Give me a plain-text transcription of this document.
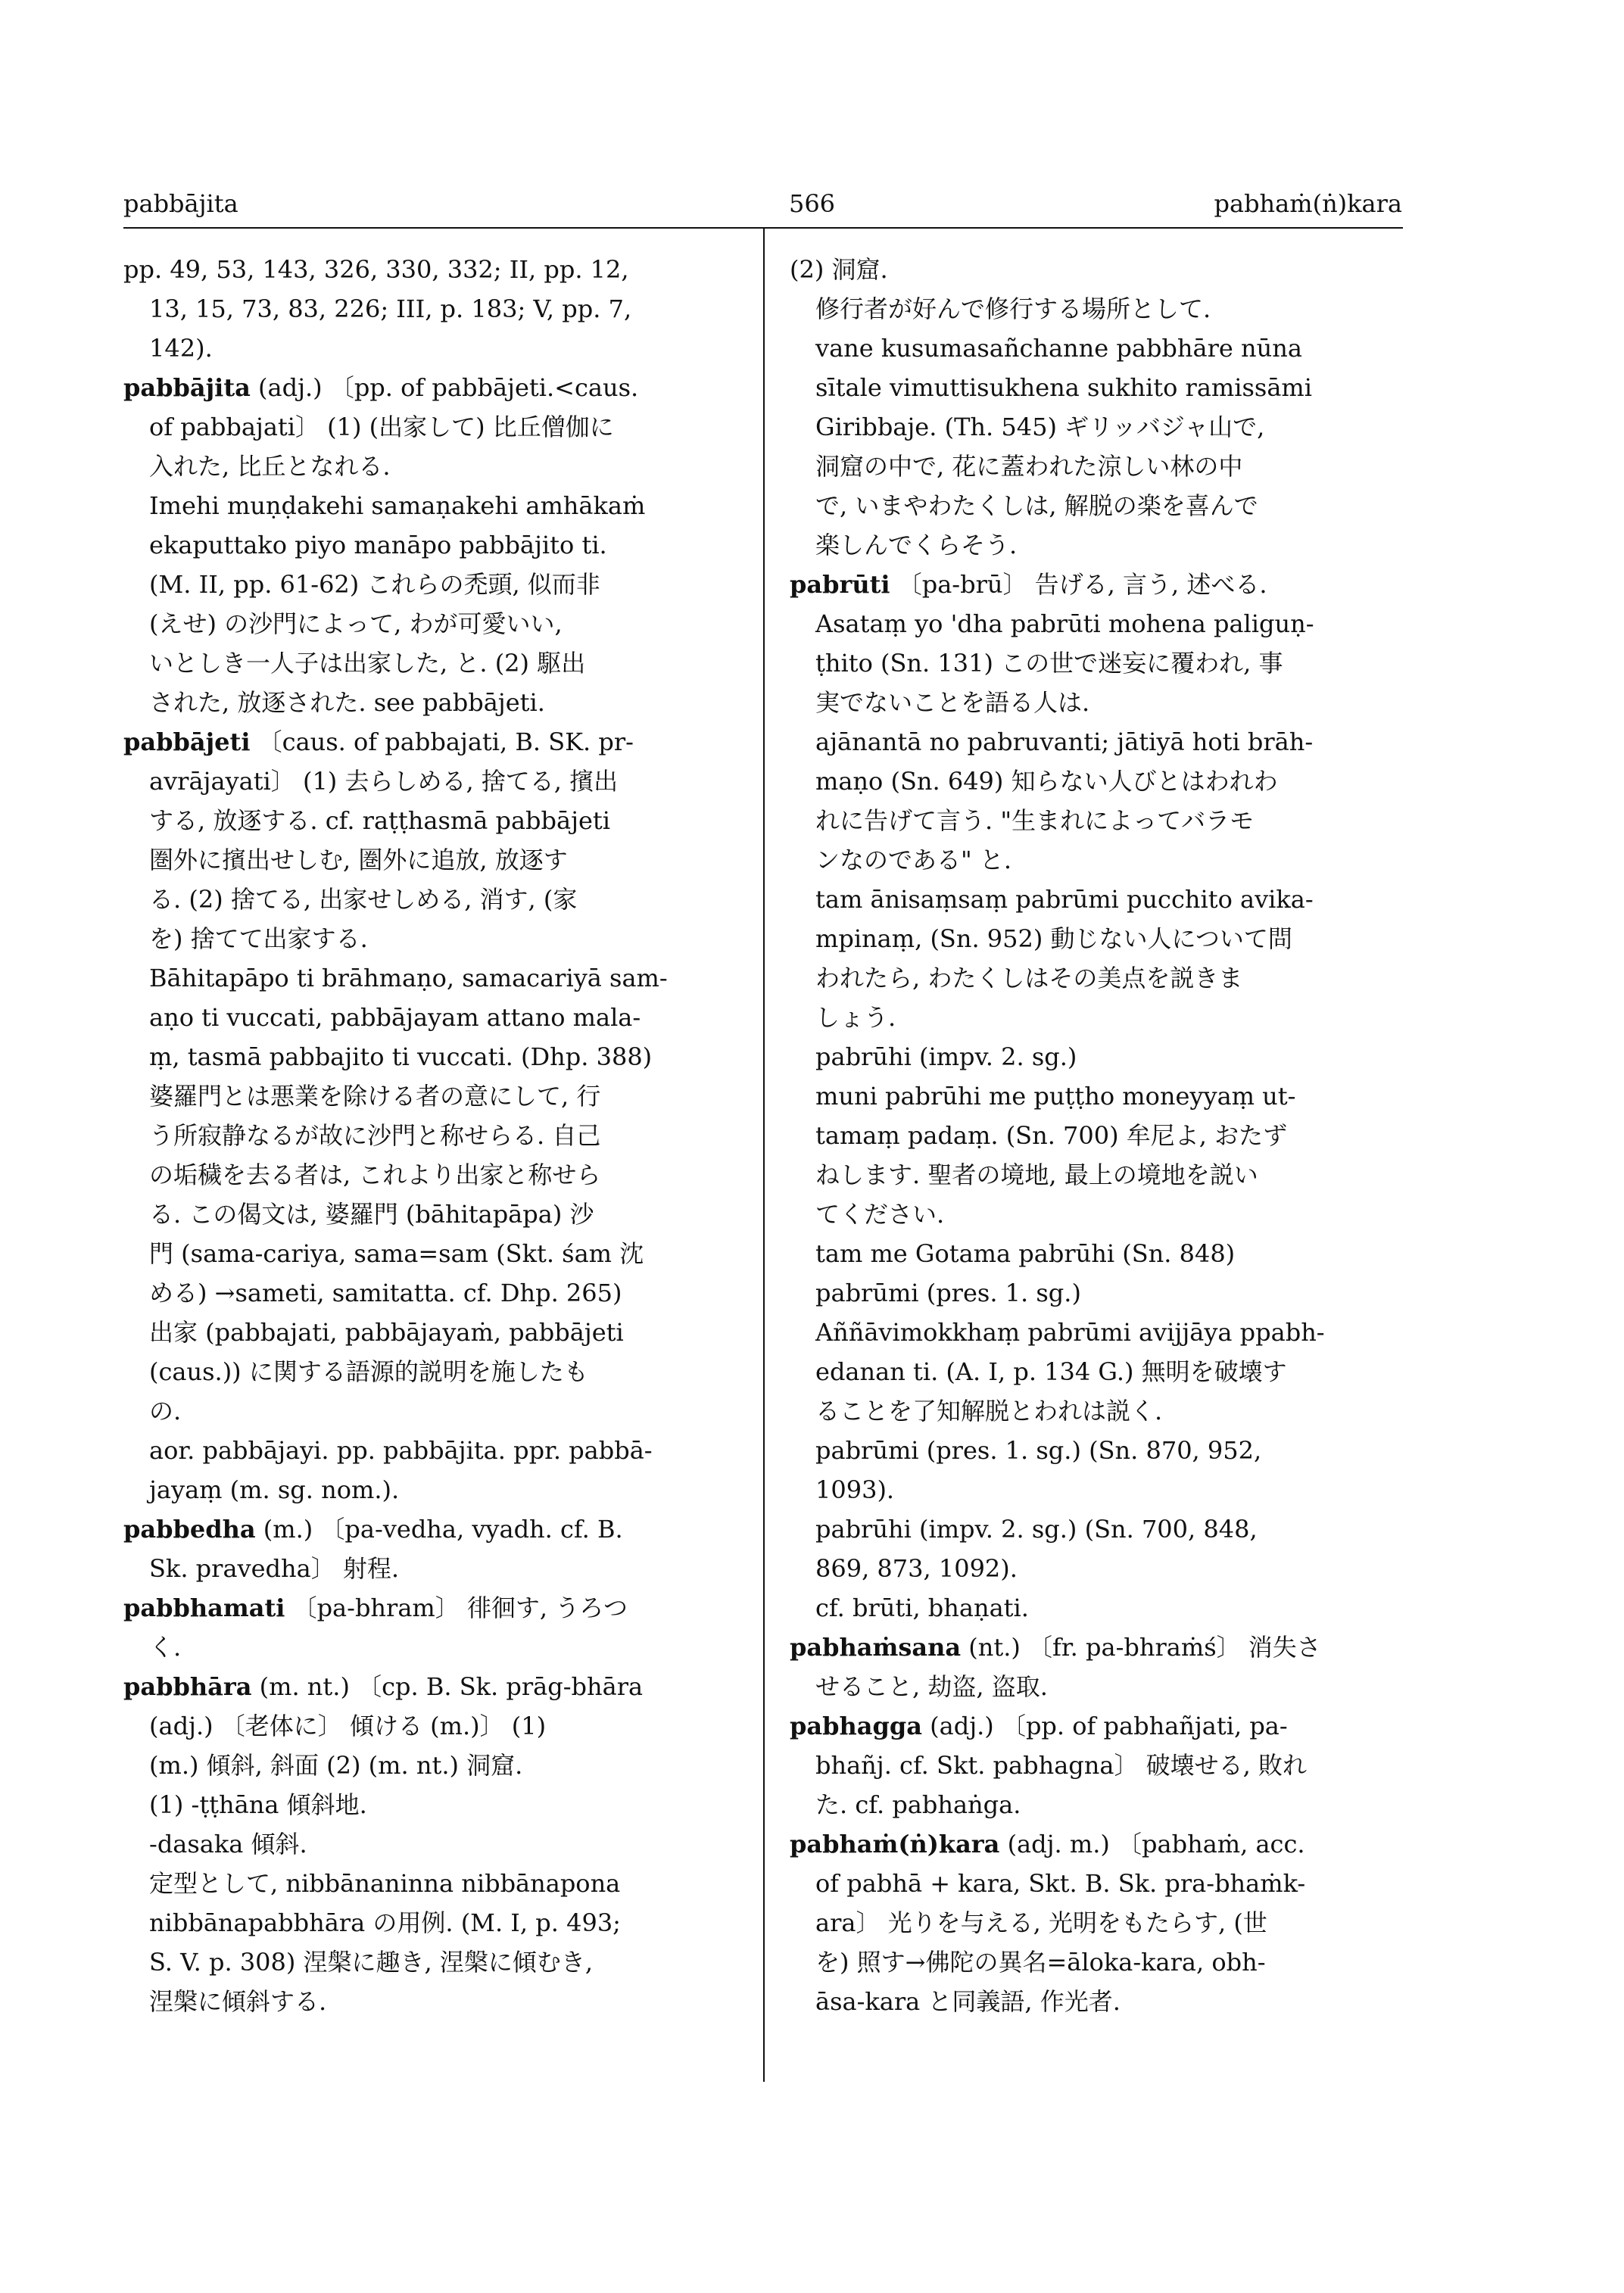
pabbājita	566	pabhaṁ(ṅ)kara
pp. 49, 53, 143, 326, 330, 332; II, pp. 12,
13, 15, 73, 83, 226; III, p. 183; V, pp. 7,
142).
pabbājita (adj.) 〔pp. of pabbājeti.<caus.
of pabbajati〕 (1) (出家して) 比丘僧伽に
入れた, 比丘となれる.
Imehi muṇḍakehi samaṇakehi amhākaṁ
ekaputtako piyo manāpo pabbājito ti.
(M. II, pp. 61-62) これらの禿頭, 似而非
(えせ) の沙門によって, わが可愛いい,
いとしき一人子は出家した, と. (2) 駆出
された, 放逐された. see pabbājeti.
pabbājeti 〔caus. of pabbajati, B. SK. pr-
avrājayati〕 (1) 去らしめる, 捨てる, 擯出
する, 放逐する. cf. raṭṭhasmā pabbājeti
圏外に擯出せしむ, 圏外に追放, 放逐す
る. (2) 捨てる, 出家せしめる, 消す, (家
を) 捨てて出家する.
Bāhitapāpo ti brāhmaṇo, samacariyā sam-
aṇo ti vuccati, pabbājayam attano mala-
ṃ, tasmā pabbajito ti vuccati. (Dhp. 388)
婆羅門とは悪業を除ける者の意にして, 行
う所寂静なるが故に沙門と称せらる. 自己
の垢穢を去る者は, これより出家と称せら
る. この偈文は, 婆羅門 (bāhitapāpa) 沙
門 (sama-cariya, sama=sam (Skt. śam 沈
める) →sameti, samitatta. cf. Dhp. 265)
出家 (pabbajati, pabbājayaṁ, pabbājeti
(caus.)) に関する語源的説明を施したも
の.
aor. pabbājayi. pp. pabbājita. ppr. pabbā-
jayaṃ (m. sg. nom.).
pabbedha (m.) 〔pa-vedha, vyadh. cf. B.
Sk. pravedha〕 射程.
pabbhamati 〔pa-bhram〕 徘徊す, うろつ
く.
pabbhāra (m. nt.) 〔cp. B. Sk. prāg-bhāra
(adj.) 〔老体に〕 傾ける (m.)〕 (1)
(m.) 傾斜, 斜面 (2) (m. nt.) 洞窟.
(1) -ṭṭhāna 傾斜地.
-dasaka 傾斜.
定型として, nibbānaninna nibbānapona
nibbānapabbhāra の用例. (M. I, p. 493;
S. V. p. 308) 涅槃に趣き, 涅槃に傾むき,
涅槃に傾斜する.
(2) 洞窟.
修行者が好んで修行する場所として.
vane kusumasañchanne pabbhāre nūna
sītale vimuttisukhena sukhito ramissāmi
Giribbaje. (Th. 545) ギリッバジャ山で,
洞窟の中で, 花に蓋われた涼しい林の中
で, いまやわたくしは, 解脱の楽を喜んで
楽しんでくらそう.
pabrūti 〔pa-brū〕 告げる, 言う, 述べる.
Asataṃ yo 'dha pabrūti mohena paliguṇ-
ṭhito (Sn. 131) この世で迷妄に覆われ, 事
実でないことを語る人は.
ajānantā no pabruvanti; jātiyā hoti brāh-
maṇo (Sn. 649) 知らない人びとはわれわ
れに告げて言う. "生まれによってバラモ
ンなのである" と.
tam ānisaṃsaṃ pabrūmi pucchito avika-
mpinaṃ, (Sn. 952) 動じない人について問
われたら, わたくしはその美点を説きま
しょう.
pabrūhi (impv. 2. sg.)
muni pabrūhi me puṭṭho moneyyaṃ ut-
tamaṃ padaṃ. (Sn. 700) 牟尼よ, おたず
ねします. 聖者の境地, 最上の境地を説い
てください.
tam me Gotama pabrūhi (Sn. 848)
pabrūmi (pres. 1. sg.)
Aññāvimokkhaṃ pabrūmi avijjāya ppabh-
edanan ti. (A. I, p. 134 G.) 無明を破壊す
ることを了知解脱とわれは説く.
pabrūmi (pres. 1. sg.) (Sn. 870, 952,
1093).
pabrūhi (impv. 2. sg.) (Sn. 700, 848,
869, 873, 1092).
cf. brūti, bhaṇati.
pabhaṁsana (nt.) 〔fr. pa-bhraṁś〕 消失さ
せること, 劫盗, 盗取.
pabhagga (adj.) 〔pp. of pabhañjati, pa-
bhañj. cf. Skt. pabhagna〕 破壊せる, 敗れ
た. cf. pabhaṅga.
pabhaṁ(ṅ)kara (adj. m.) 〔pabhaṁ, acc.
of pabhā + kara, Skt. B. Sk. pra-bhaṁk-
ara〕 光りを与える, 光明をもたらす, (世
を) 照す→佛陀の異名=āloka-kara, obh-
āsa-kara と同義語, 作光者.
